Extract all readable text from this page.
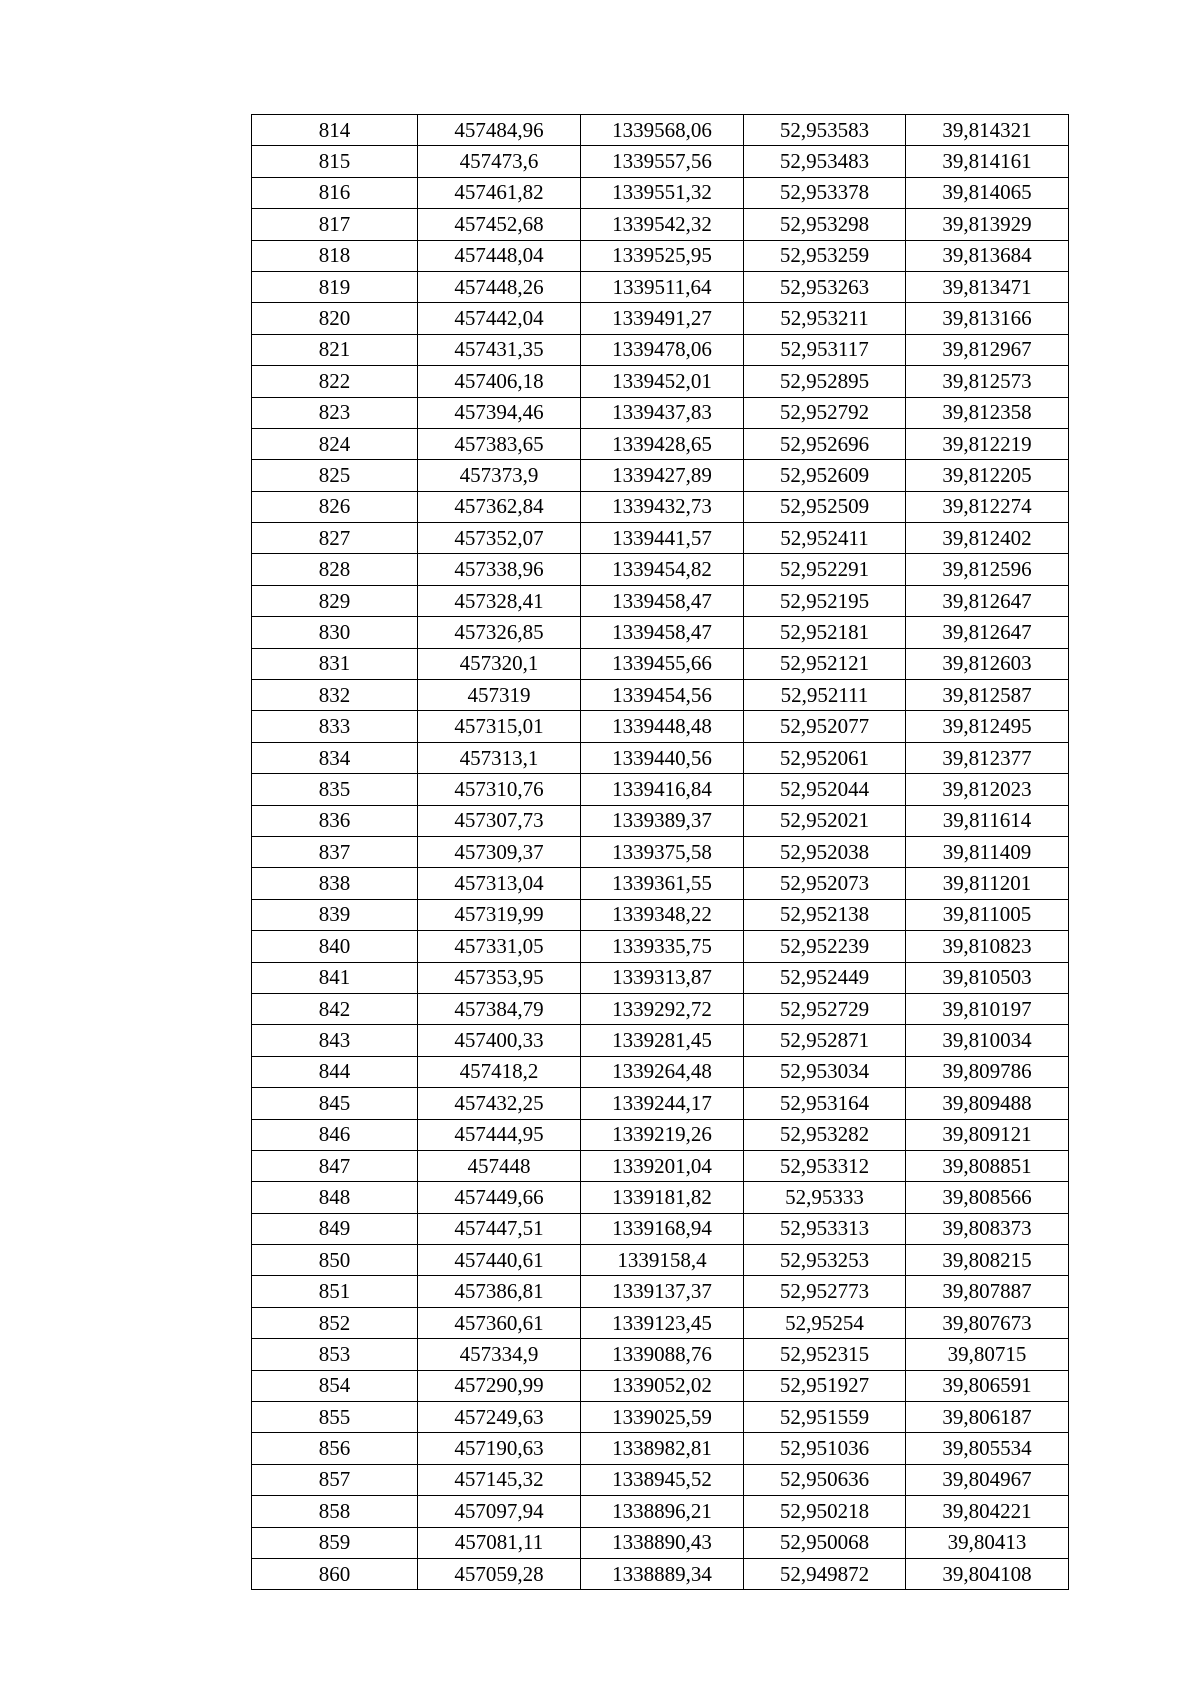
814	457484,96	1339568,06	52,953583	39,814321
815	457473,6	1339557,56	52,953483	39,814161
816	457461,82	1339551,32	52,953378	39,814065
817	457452,68	1339542,32	52,953298	39,813929
818	457448,04	1339525,95	52,953259	39,813684
819	457448,26	1339511,64	52,953263	39,813471
820	457442,04	1339491,27	52,953211	39,813166
821	457431,35	1339478,06	52,953117	39,812967
822	457406,18	1339452,01	52,952895	39,812573
823	457394,46	1339437,83	52,952792	39,812358
824	457383,65	1339428,65	52,952696	39,812219
825	457373,9	1339427,89	52,952609	39,812205
826	457362,84	1339432,73	52,952509	39,812274
827	457352,07	1339441,57	52,952411	39,812402
828	457338,96	1339454,82	52,952291	39,812596
829	457328,41	1339458,47	52,952195	39,812647
830	457326,85	1339458,47	52,952181	39,812647
831	457320,1	1339455,66	52,952121	39,812603
832	457319	1339454,56	52,952111	39,812587
833	457315,01	1339448,48	52,952077	39,812495
834	457313,1	1339440,56	52,952061	39,812377
835	457310,76	1339416,84	52,952044	39,812023
836	457307,73	1339389,37	52,952021	39,811614
837	457309,37	1339375,58	52,952038	39,811409
838	457313,04	1339361,55	52,952073	39,811201
839	457319,99	1339348,22	52,952138	39,811005
840	457331,05	1339335,75	52,952239	39,810823
841	457353,95	1339313,87	52,952449	39,810503
842	457384,79	1339292,72	52,952729	39,810197
843	457400,33	1339281,45	52,952871	39,810034
844	457418,2	1339264,48	52,953034	39,809786
845	457432,25	1339244,17	52,953164	39,809488
846	457444,95	1339219,26	52,953282	39,809121
847	457448	1339201,04	52,953312	39,808851
848	457449,66	1339181,82	52,95333	39,808566
849	457447,51	1339168,94	52,953313	39,808373
850	457440,61	1339158,4	52,953253	39,808215
851	457386,81	1339137,37	52,952773	39,807887
852	457360,61	1339123,45	52,95254	39,807673
853	457334,9	1339088,76	52,952315	39,80715
854	457290,99	1339052,02	52,951927	39,806591
855	457249,63	1339025,59	52,951559	39,806187
856	457190,63	1338982,81	52,951036	39,805534
857	457145,32	1338945,52	52,950636	39,804967
858	457097,94	1338896,21	52,950218	39,804221
859	457081,11	1338890,43	52,950068	39,80413
860	457059,28	1338889,34	52,949872	39,804108
